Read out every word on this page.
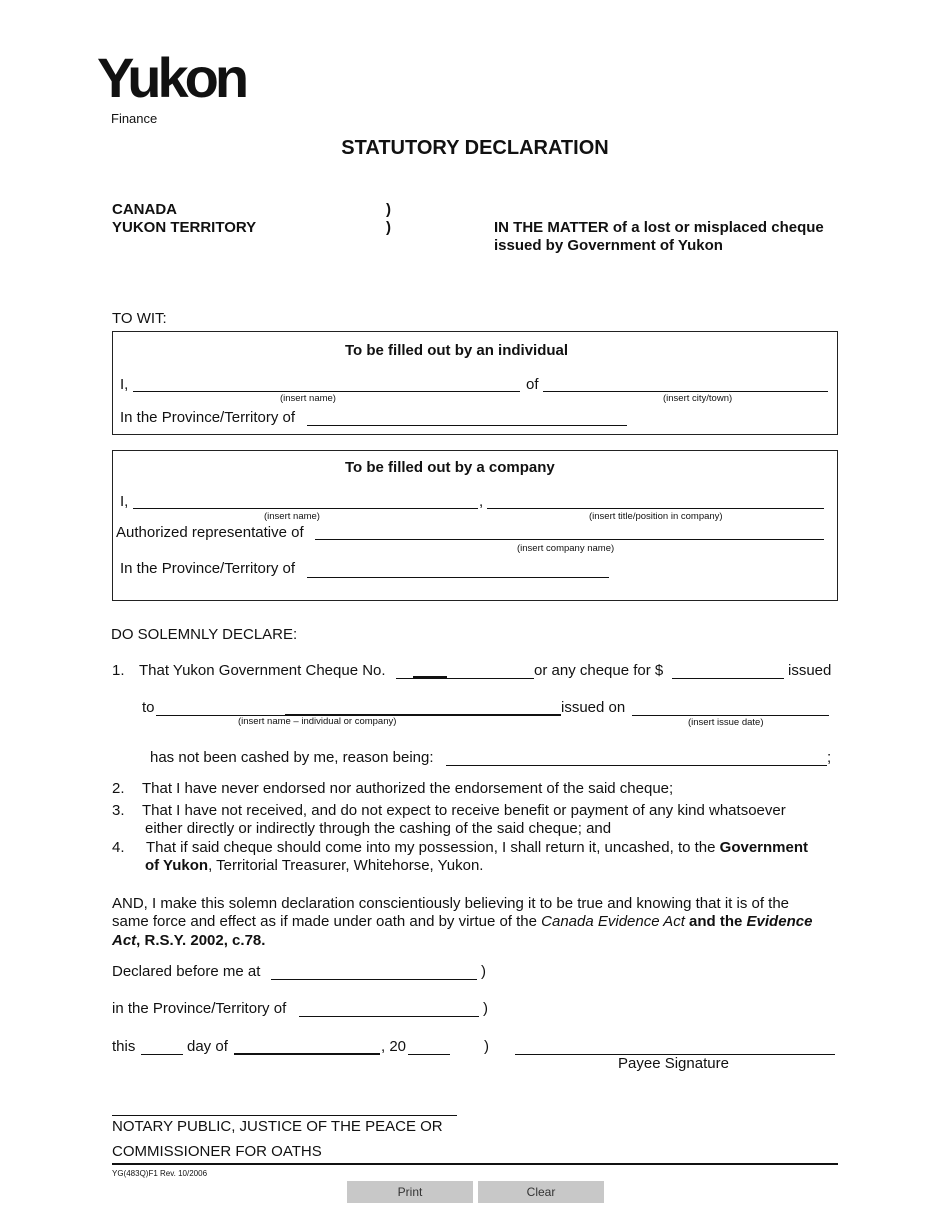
Yukon
Finance
STATUTORY DECLARATION
CANADA
YUKON TERRITORY
)
)	IN THE MATTER of a lost or misplaced cheque
issued by Government of Yukon
TO WIT:
To be filled out by an individual
I,	of
(insert name)	(insert city/town)
In the Province/Territory of
To be filled out by a company
I,	,
(insert name)	(insert title/position in company)
Authorized representative of
(insert company name)
In the Province/Territory of
DO SOLEMNLY DECLARE:
1. That Yukon Government Cheque No.	or any cheque for $	issued
to	issued on
(insert name – individual or company)	(insert issue date)
has not been cashed by me, reason being:	;
2. That I have never endorsed nor authorized the endorsement of the said cheque;
3. That I have not received, and do not expect to receive benefit or payment of any kind whatsoever
either directly or indirectly through the cashing of the said cheque; and
4. That if said cheque should come into my possession, I shall return it, uncashed, to the Government
of Yukon, Territorial Treasurer, Whitehorse, Yukon.
AND, I make this solemn declaration conscientiously believing it to be true and knowing that it is of the
same force and effect as if made under oath and by virtue of the Canada Evidence Act and the Evidence
Act, R.S.Y. 2002, c.78.
Declared before me at	)
in the Province/Territory of	)
this	day of	, 20	)
Payee Signature
NOTARY PUBLIC, JUSTICE OF THE PEACE OR
COMMISSIONER FOR OATHS
YG(483Q)F1 Rev. 10/2006
Print	Clear
